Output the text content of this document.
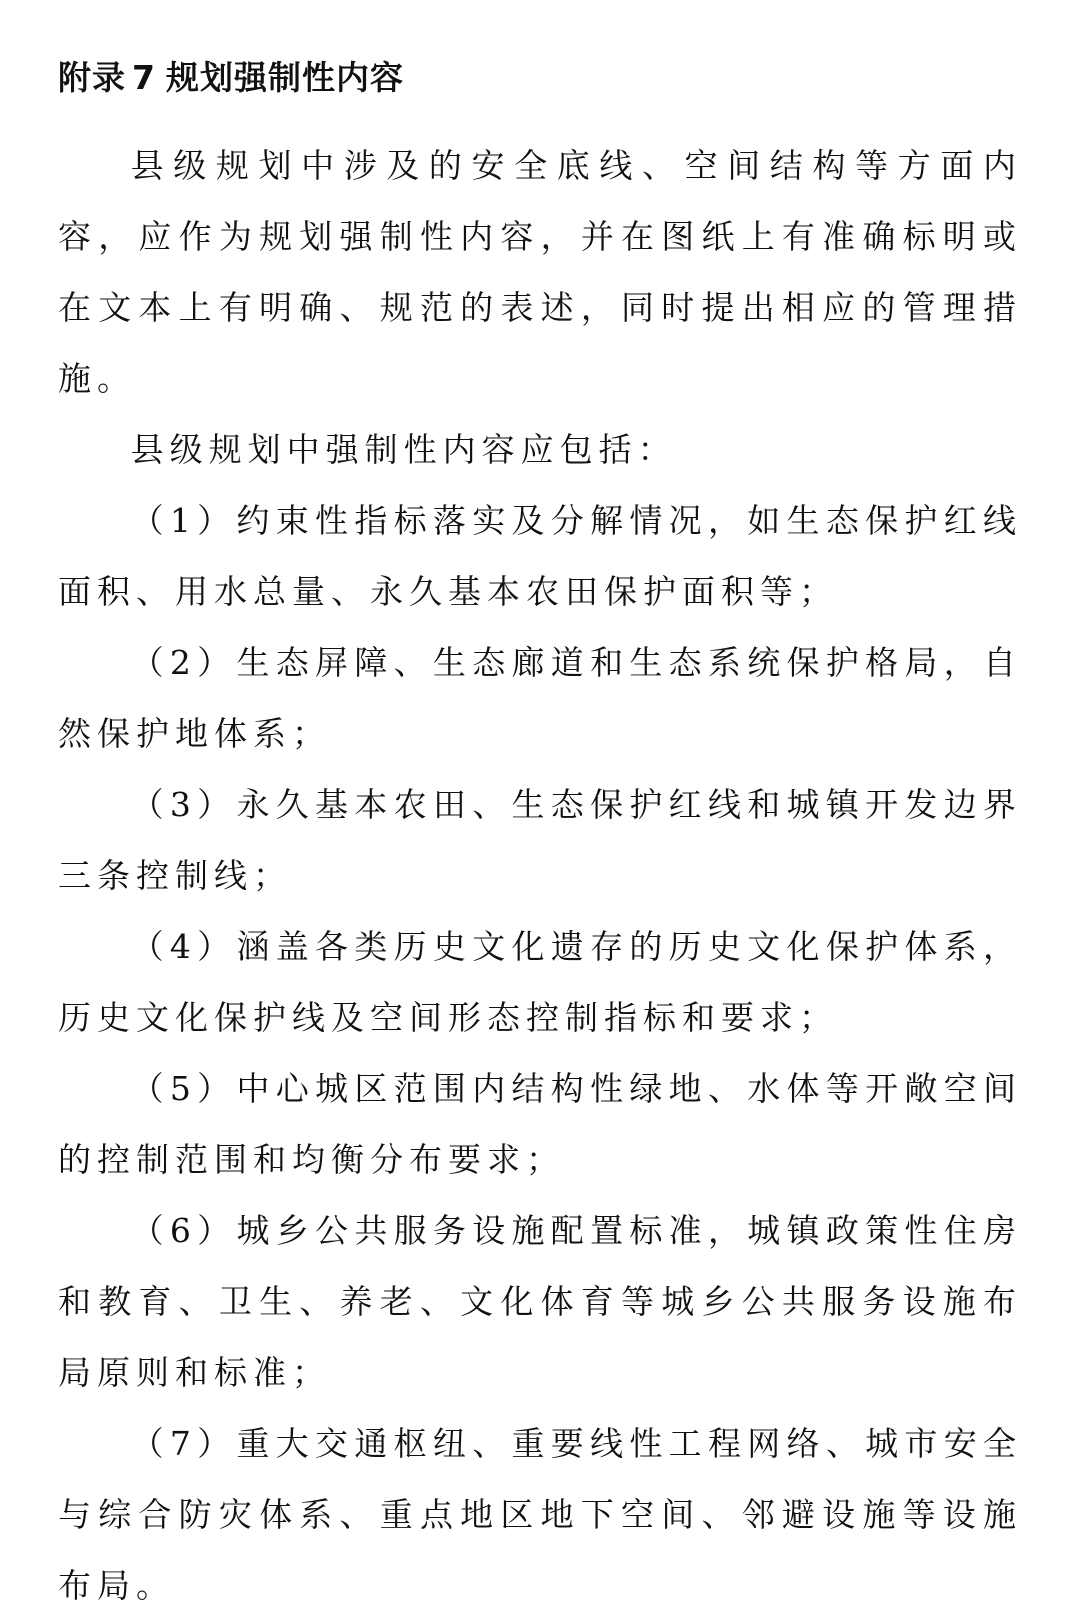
附录 7 规划强制性内容

县级规划中涉及的安全底线、空间结构等方面内容，应作为规划强制性内容，并在图纸上有准确标明或在文本上有明确、规范的表述，同时提出相应的管理措施。

县级规划中强制性内容应包括：

（1）约束性指标落实及分解情况，如生态保护红线面积、用水总量、永久基本农田保护面积等；

（2）生态屏障、生态廊道和生态系统保护格局，自然保护地体系；

（3）永久基本农田、生态保护红线和城镇开发边界三条控制线；

（4）涵盖各类历史文化遗存的历史文化保护体系，历史文化保护线及空间形态控制指标和要求；

（5）中心城区范围内结构性绿地、水体等开敞空间的控制范围和均衡分布要求；

（6）城乡公共服务设施配置标准，城镇政策性住房和教育、卫生、养老、文化体育等城乡公共服务设施布局原则和标准；

（7）重大交通枢纽、重要线性工程网络、城市安全与综合防灾体系、重点地区地下空间、邻避设施等设施布局。
